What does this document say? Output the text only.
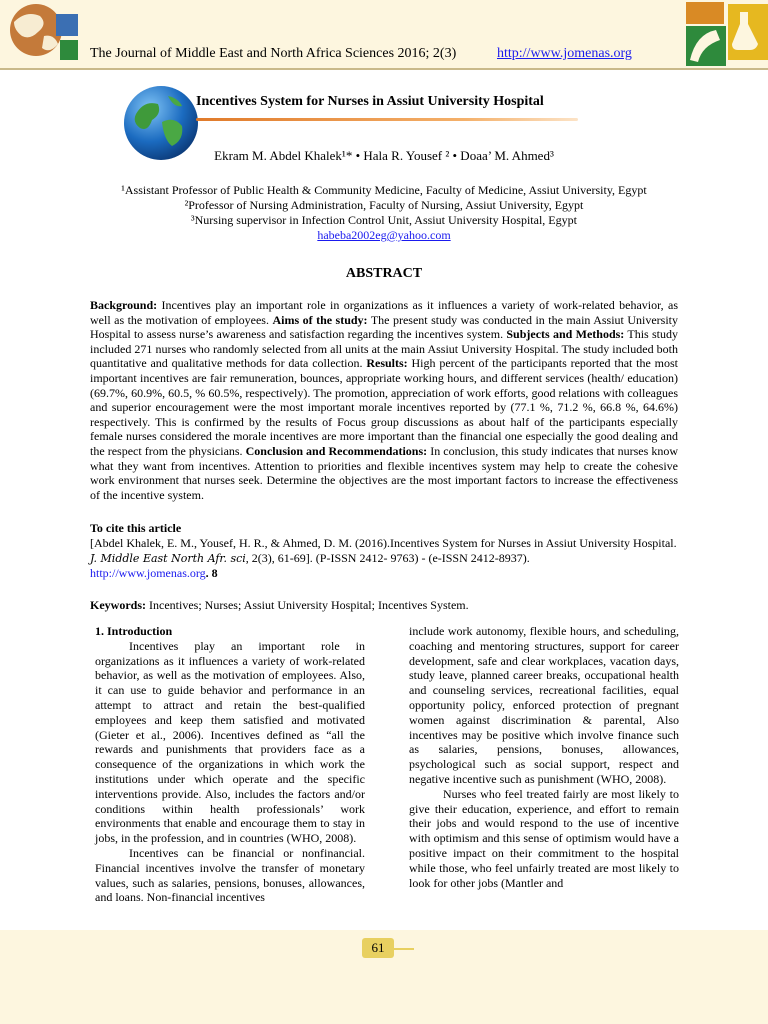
The Journal of Middle East and North Africa Sciences 2016; 2(3)	http://www.jomenas.org
Incentives System for Nurses in Assiut University Hospital
Ekram M. Abdel Khalek¹* • Hala R. Yousef ² • Doaa’ M. Ahmed³
¹Assistant Professor of Public Health & Community Medicine, Faculty of Medicine, Assiut University, Egypt
²Professor of Nursing Administration, Faculty of Nursing, Assiut University, Egypt
³Nursing supervisor in Infection Control Unit, Assiut University Hospital, Egypt
habeba2002eg@yahoo.com
ABSTRACT
Background: Incentives play an important role in organizations as it influences a variety of work-related behavior, as well as the motivation of employees. Aims of the study: The present study was conducted in the main Assiut University Hospital to assess nurse’s awareness and satisfaction regarding the incentives system. Subjects and Methods: This study included 271 nurses who randomly selected from all units at the main Assiut University Hospital. The study included both quantitative and qualitative methods for data collection. Results: High percent of the participants reported that the most important incentives are fair remuneration, bounces, appropriate working hours, and different services (health/ education) (69.7%, 60.9%, 60.5, % 60.5%, respectively). The promotion, appreciation of work efforts, good relations with colleagues and superior encouragement were the most important morale incentives reported by (77.1 %, 71.2 %, 66.8 %, 64.6%) respectively. This is confirmed by the results of Focus group discussions as about half of the participants especially female nurses considered the morale incentives are more important than the financial one especially the good dealing and the respect from the physicians. Conclusion and Recommendations: In conclusion, this study indicates that nurses know what they want from incentives. Attention to priorities and flexible incentives system may help to create the cohesive work environment that nurses seek. Determine the objectives are the most important factors to increase the effectiveness of the incentive system.
To cite this article
[Abdel Khalek, E. M., Yousef, H. R., & Ahmed, D. M. (2016).Incentives System for Nurses in Assiut University Hospital. J. Middle East North Afr. sci, 2(3), 61-69]. (P-ISSN 2412- 9763) - (e-ISSN 2412-8937).
http://www.jomenas.org. 8
Keywords: Incentives; Nurses; Assiut University Hospital; Incentives System.

1. Introduction

Incentives play an important role in organizations as it influences a variety of work-related behavior, as well as the motivation of employees. Also, it can use to guide behavior and performance in an attempt to attract and retain the best-qualified employees and keep them satisfied and motivated (Gieter et al., 2006). Incentives defined as “all the rewards and punishments that providers face as a consequence of the organizations in which work the institutions under which operate and the specific interventions provide. Also, includes the factors and/or conditions within health professionals’ work environments that enable and encourage them to stay in jobs, in the profession, and in countries (WHO, 2008).

Incentives can be financial or nonfinancial. Financial incentives involve the transfer of monetary values, such as salaries, pensions, bonuses, allowances, and loans. Non-financial incentives

include work autonomy, flexible hours, and scheduling, coaching and mentoring structures, support for career development, safe and clear workplaces, vacation days, study leave, planned career breaks, occupational health and counseling services, recreational facilities, equal opportunity policy, enforced protection of pregnant women against discrimination & parental, Also incentives may be positive which involve finance such as salaries, pensions, bonuses, allowances, psychological such as social support, respect and negative incentive such as punishment (WHO, 2008).

Nurses who feel treated fairly are most likely to give their education, experience, and effort to remain their jobs and would respond to the use of incentive with optimism and this sense of optimism would have a positive impact on their commitment to the hospital while those, who feel unfairly treated are most likely to look for other jobs (Mantler and

61
